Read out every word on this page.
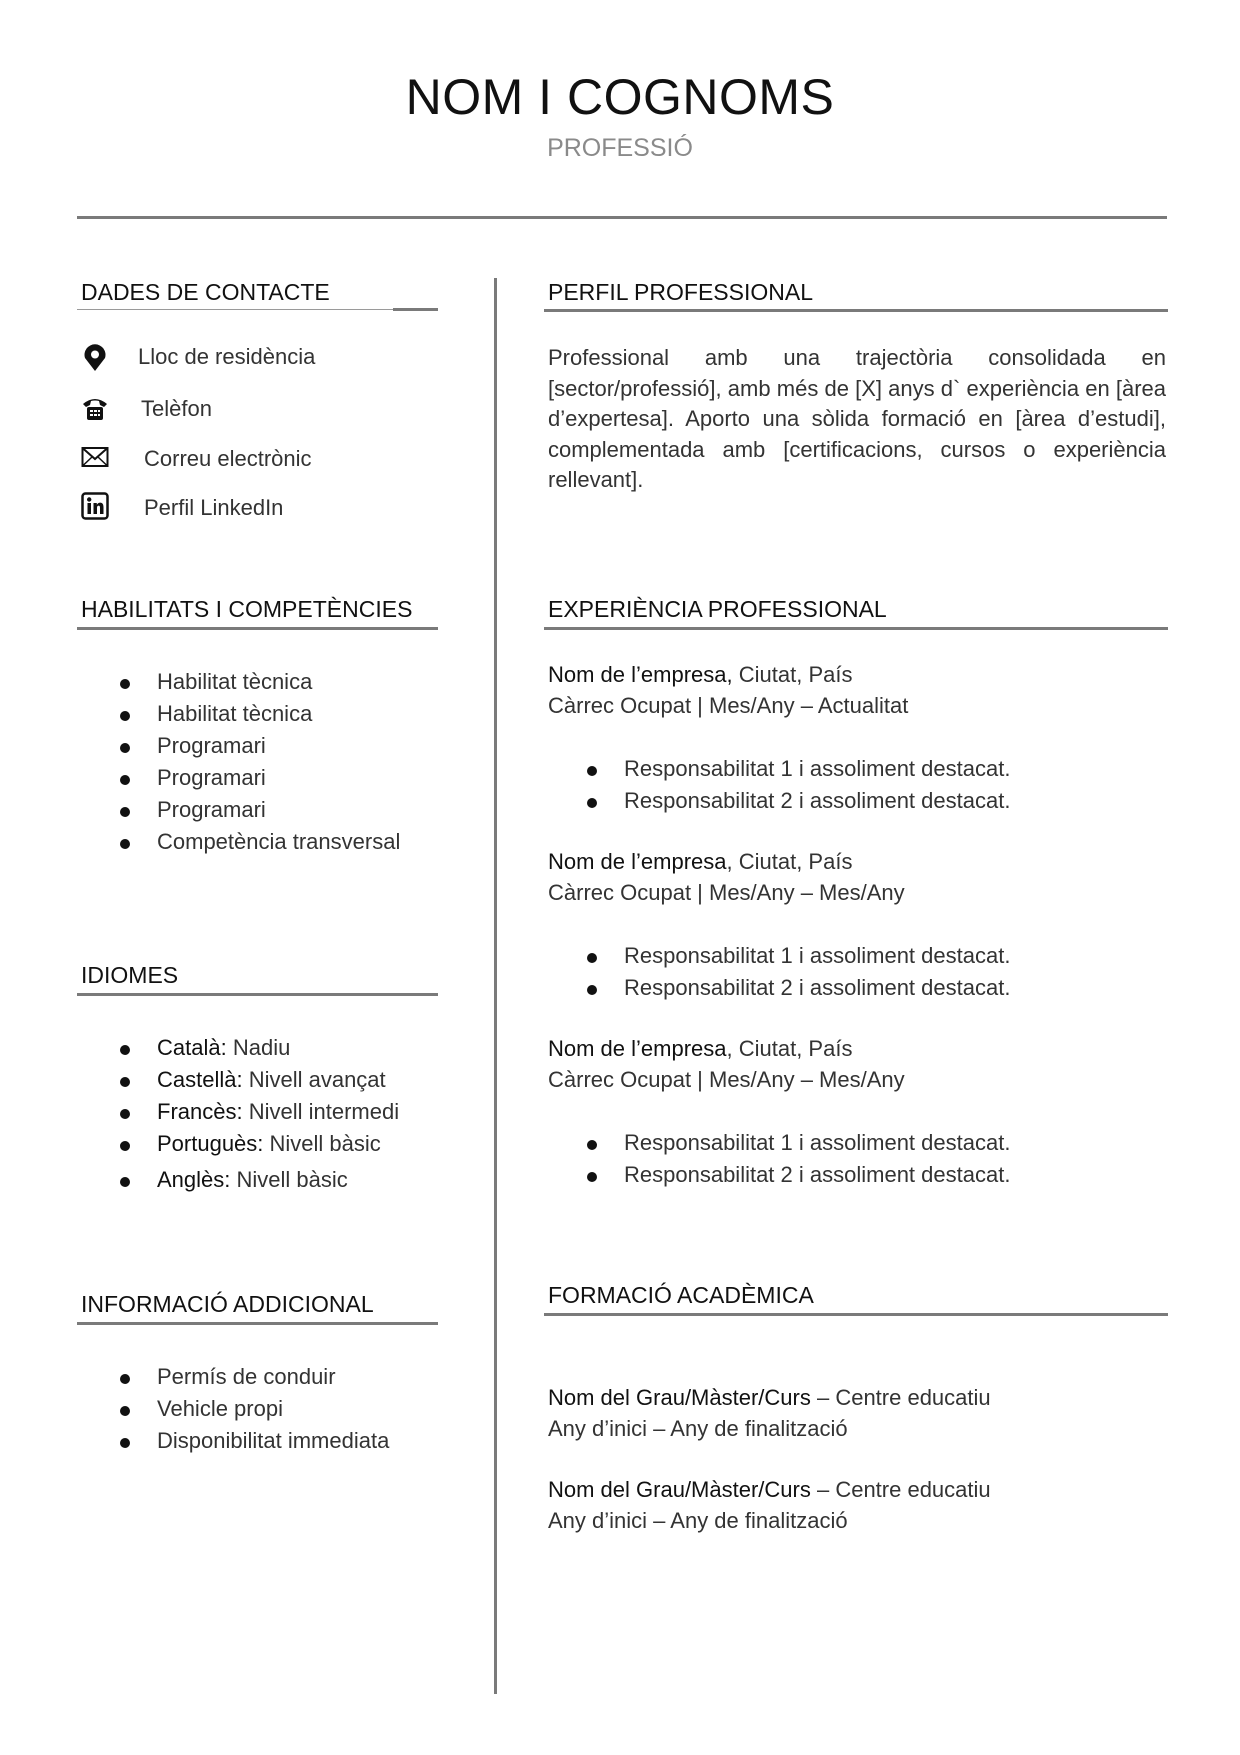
NOM I COGNOMS
PROFESSIÓ
DADES DE CONTACTE
Lloc de residència
Telèfon
Correu electrònic
Perfil LinkedIn
HABILITATS I COMPETÈNCIES
Habilitat tècnica
Habilitat tècnica
Programari
Programari
Programari
Competència transversal
IDIOMES
Català: Nadiu
Castellà: Nivell avançat
Francès: Nivell intermedi
Portuguès: Nivell bàsic
Anglès: Nivell bàsic
INFORMACIÓ ADDICIONAL
Permís de conduir
Vehicle propi
Disponibilitat immediata
PERFIL PROFESSIONAL
Professional amb una trajectòria consolidada en [sector/professió], amb més de [X] anys d` experiència en [àrea d’expertesa]. Aporto una sòlida formació en [àrea d’estudi], complementada amb [certificacions, cursos o experiència rellevant].
EXPERIÈNCIA PROFESSIONAL
Nom de l’empresa, Ciutat, País
Càrrec Ocupat | Mes/Any – Actualitat
Responsabilitat 1 i assoliment destacat.
Responsabilitat 2 i assoliment destacat.
Nom de l’empresa, Ciutat, País
Càrrec Ocupat | Mes/Any – Mes/Any
Responsabilitat 1 i assoliment destacat.
Responsabilitat 2 i assoliment destacat.
Nom de l’empresa, Ciutat, País
Càrrec Ocupat | Mes/Any – Mes/Any
Responsabilitat 1 i assoliment destacat.
Responsabilitat 2 i assoliment destacat.
FORMACIÓ ACADÈMICA
Nom del Grau/Màster/Curs – Centre educatiu
Any d’inici – Any de finalització
Nom del Grau/Màster/Curs – Centre educatiu
Any d’inici – Any de finalització
